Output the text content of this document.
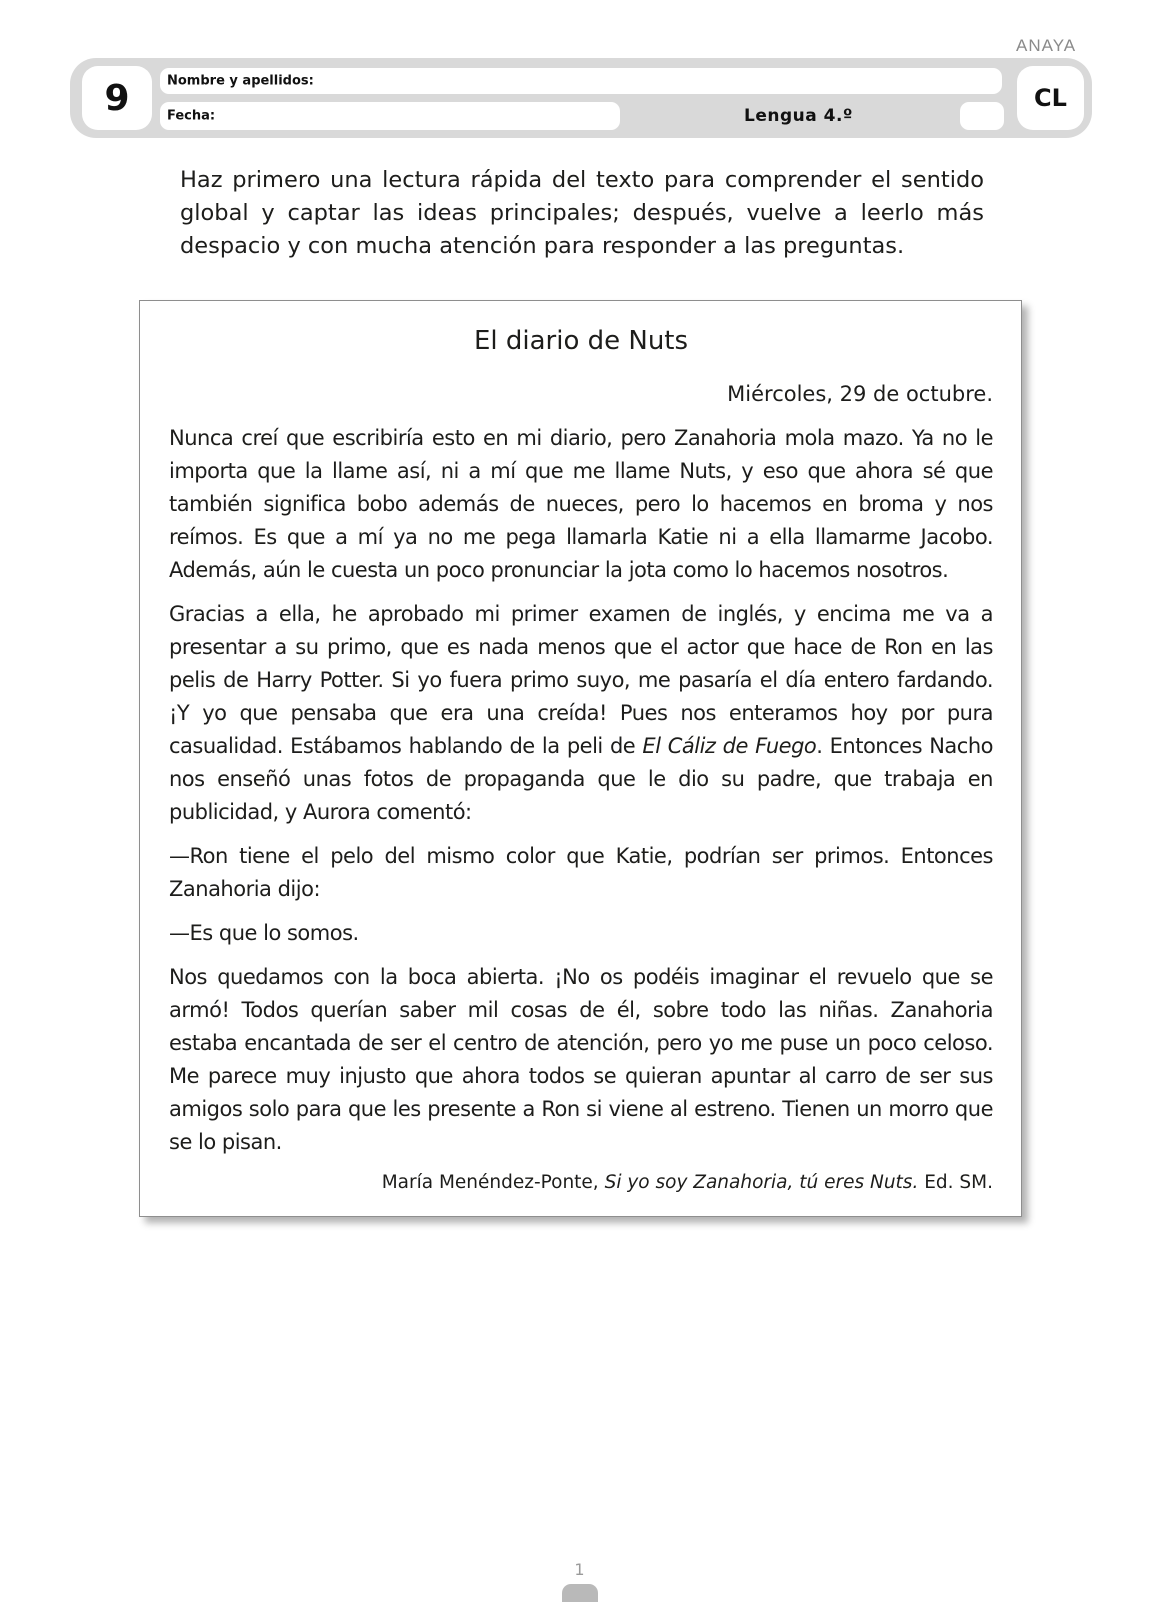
ANAYA
9	Nombre y apellidos:
Fecha:	Lengua 4.º
CL

Haz primero una lectura rápida del texto para comprender el sentido global y captar las ideas principales; después, vuelve a leerlo más despacio y con mucha atención para responder a las preguntas.

El diario de Nuts

Miércoles, 29 de octubre.

Nunca creí que escribiría esto en mi diario, pero Zanahoria mola mazo. Ya no le importa que la llame así, ni a mí que me llame Nuts, y eso que ahora sé que también significa bobo además de nueces, pero lo hacemos en broma y nos reímos. Es que a mí ya no me pega llamarla Katie ni a ella llamarme Jacobo. Además, aún le cuesta un poco pronunciar la jota como lo hacemos nosotros.

Gracias a ella, he aprobado mi primer examen de inglés, y encima me va a presentar a su primo, que es nada menos que el actor que hace de Ron en las pelis de Harry Potter. Si yo fuera primo suyo, me pasaría el día entero fardando. ¡Y yo que pensaba que era una creída! Pues nos enteramos hoy por pura casualidad. Estábamos hablando de la peli de El Cáliz de Fuego. Entonces Nacho nos enseñó unas fotos de propaganda que le dio su padre, que trabaja en publicidad, y Aurora comentó:

—Ron tiene el pelo del mismo color que Katie, podrían ser primos. Entonces Zanahoria dijo:

—Es que lo somos.

Nos quedamos con la boca abierta. ¡No os podéis imaginar el revuelo que se armó! Todos querían saber mil cosas de él, sobre todo las niñas. Zanahoria estaba encantada de ser el centro de atención, pero yo me puse un poco celoso. Me parece muy injusto que ahora todos se quieran apuntar al carro de ser sus amigos solo para que les presente a Ron si viene al estreno. Tienen un morro que se lo pisan.

María Menéndez-Ponte, Si yo soy Zanahoria, tú eres Nuts. Ed. SM.

1
